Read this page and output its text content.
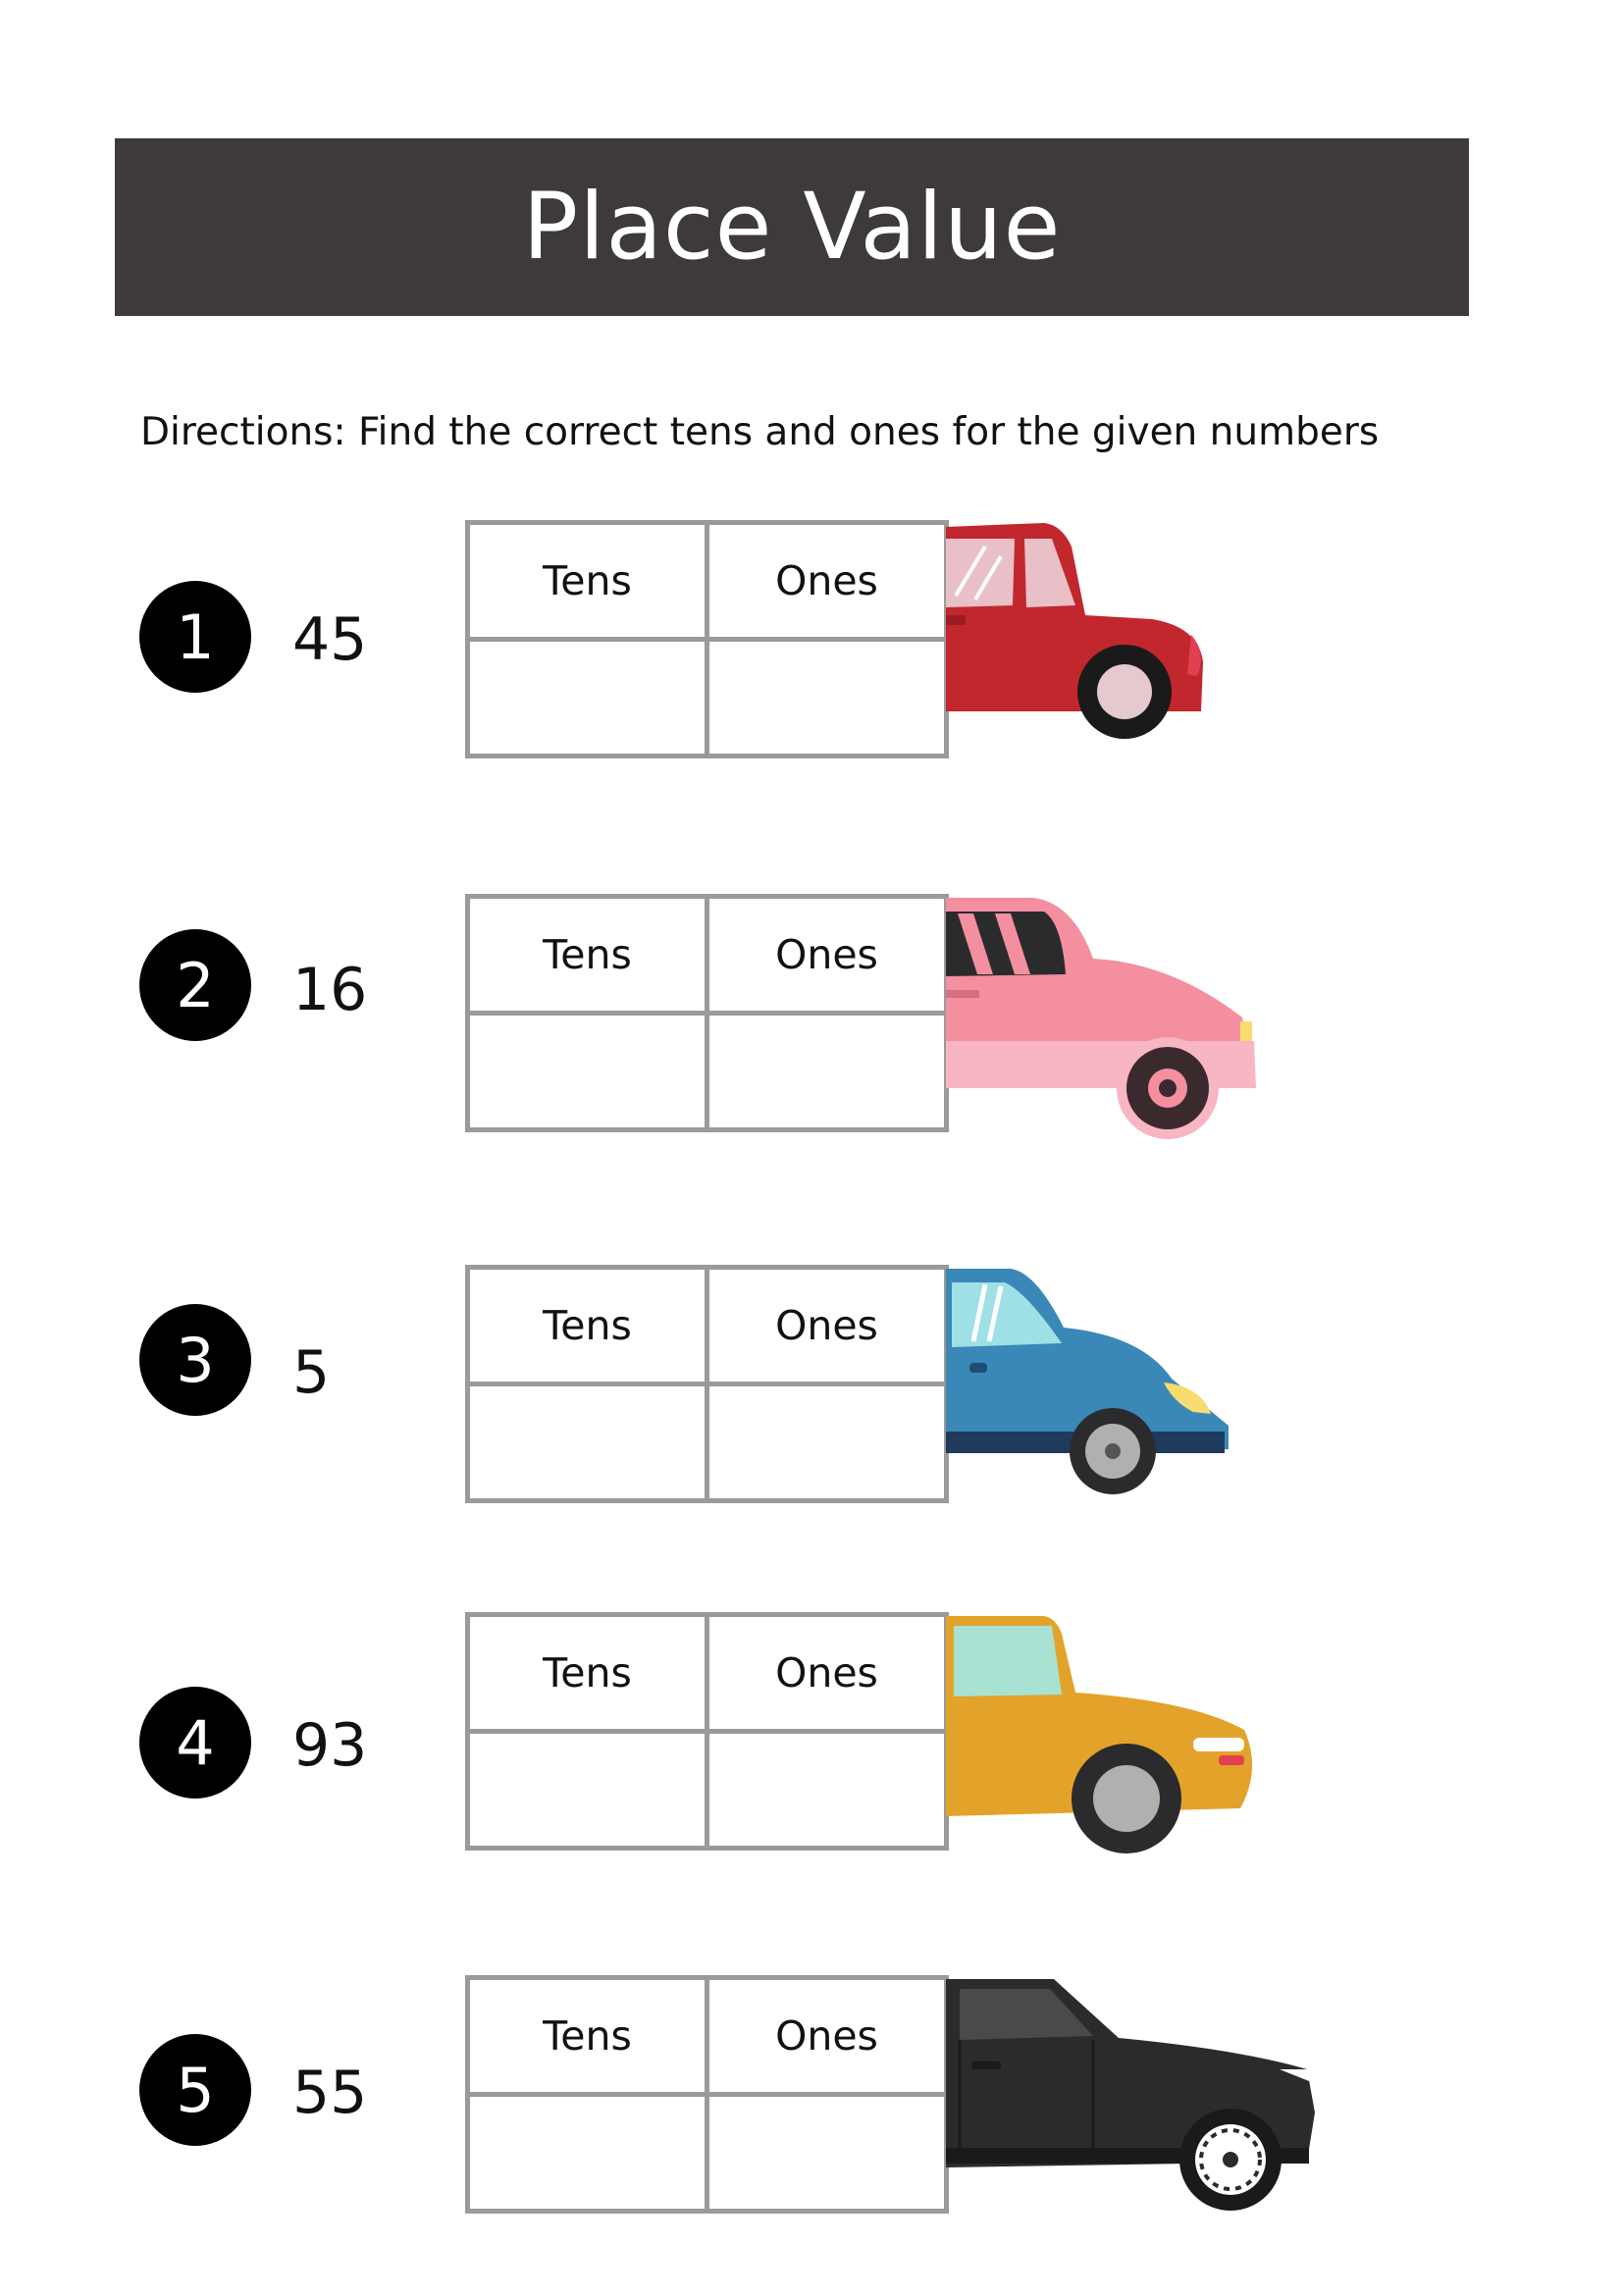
Place Value
Directions: Find the correct tens and ones for the given numbers
1	45
Tens	Ones

2	16
Tens	Ones

3	5
Tens	Ones

4	93
Tens	Ones

5	55
Tens	Ones
